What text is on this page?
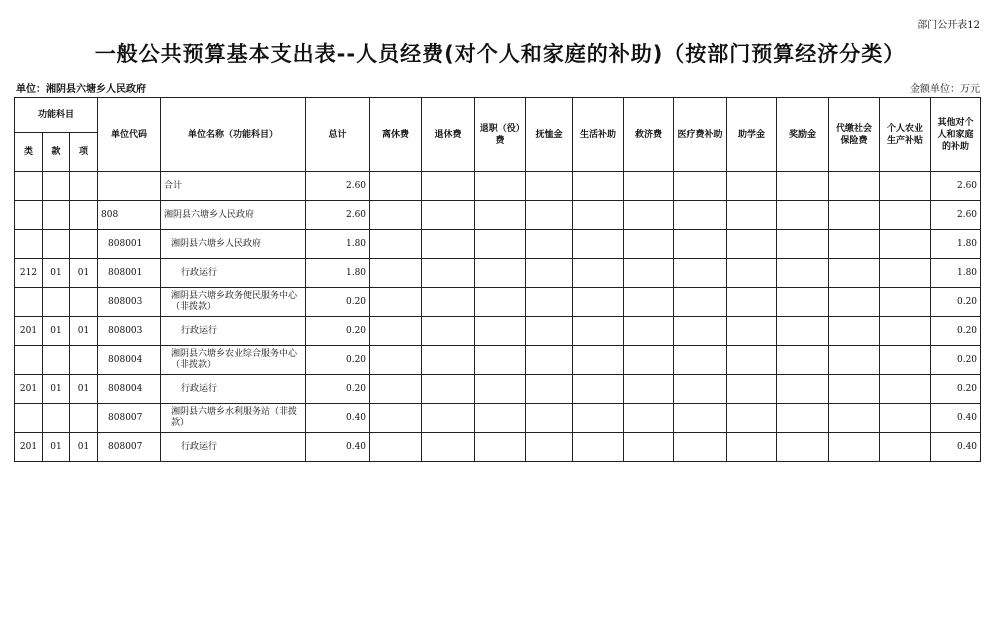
部门公开表12
一般公共预算基本支出表--人员经费(对个人和家庭的补助)（按部门预算经济分类）
单位：湘阴县六塘乡人民政府	金额单位：万元
功能科目			单位代码	单位名称（功能科目）	总计	离休费	退休费	退职（役）费	抚恤金	生活补助	救济费	医疗费补助	助学金	奖励金	代缴社会保险费	个人农业生产补贴	其他对个人和家庭的补助
类	款	项															
				合计	2.60												2.60
			808	湘阴县六塘乡人民政府	2.60												2.60
			808001	湘阴县六塘乡人民政府	1.80												1.80
212	01	01	808001	行政运行	1.80												1.80
			808003	湘阴县六塘乡政务便民服务中心（非拨款）	0.20												0.20
201	01	01	808003	行政运行	0.20												0.20
			808004	湘阴县六塘乡农业综合服务中心（非拨款）	0.20												0.20
201	01	01	808004	行政运行	0.20												0.20
			808007	湘阴县六塘乡水利服务站（非拨款）	0.40												0.40
201	01	01	808007	行政运行	0.40												0.40
